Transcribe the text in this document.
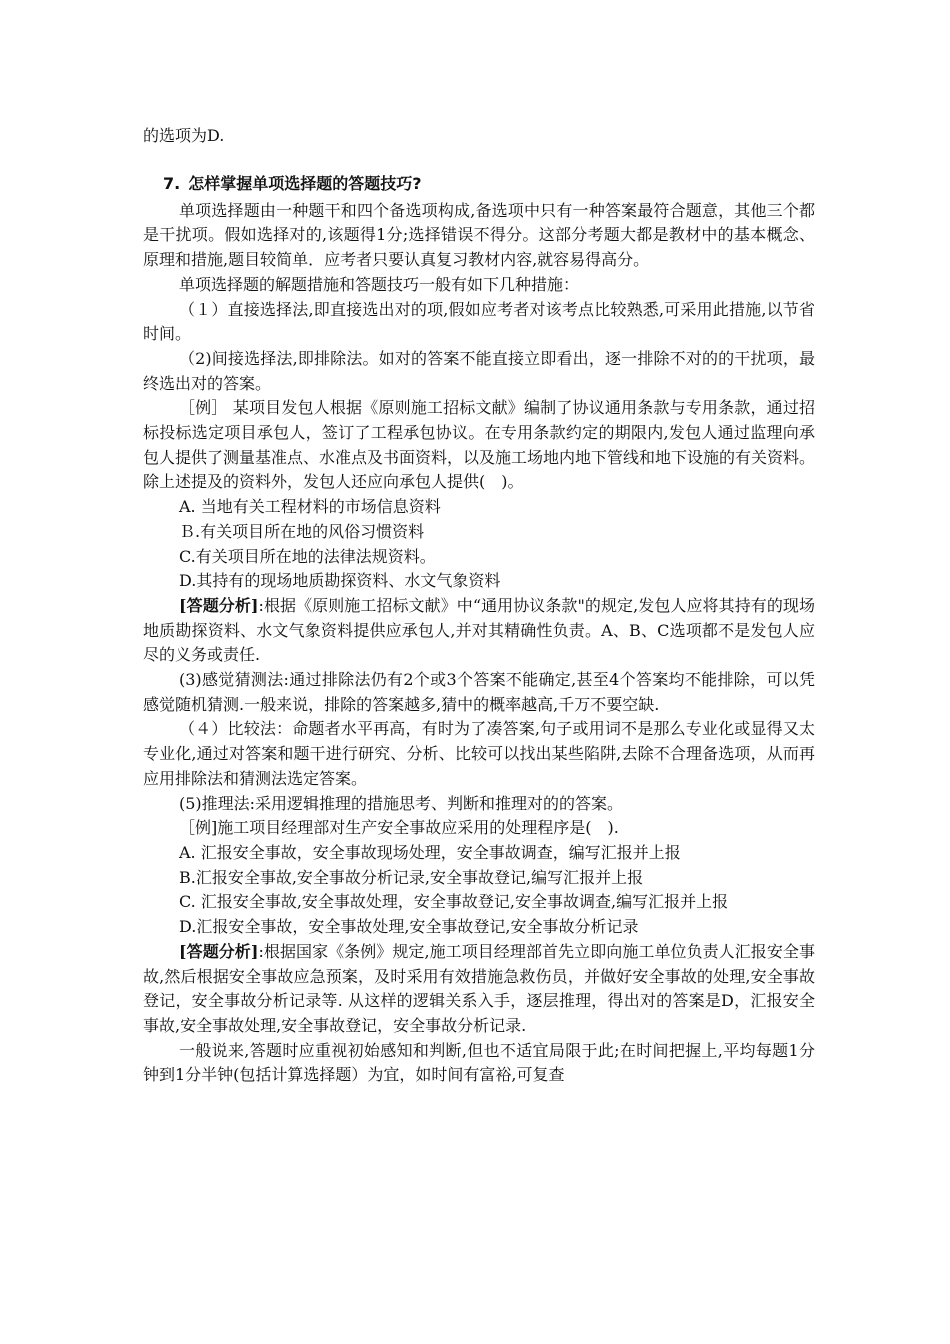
的选项为D.

7. 怎样掌握单项选择题的答题技巧?

单项选择题由一种题干和四个备选项构成,备选项中只有一种答案最符合题意，其他三个都是干扰项。假如选择对的,该题得1分;选择错误不得分。这部分考题大都是教材中的基本概念、原理和措施,题目较简单．应考者只要认真复习教材内容,就容易得高分。

单项选择题的解题措施和答题技巧一般有如下几种措施：

（１）直接选择法,即直接选出对的项,假如应考者对该考点比较熟悉,可采用此措施,以节省时间。

（2)间接选择法,即排除法。如对的答案不能直接立即看出，逐一排除不对的的干扰项，最终选出对的答案。

［例］ 某项目发包人根据《原则施工招标文献》编制了协议通用条款与专用条款，通过招标投标选定项目承包人，签订了工程承包协议。在专用条款约定的期限内,发包人通过监理向承包人提供了测量基准点、水准点及书面资料，以及施工场地内地下管线和地下设施的有关资料。除上述提及的资料外，发包人还应向承包人提供(　)。

A. 当地有关工程材料的市场信息资料

Ｂ.有关项目所在地的风俗习惯资料

C.有关项目所在地的法律法规资料。

D.其持有的现场地质勘探资料、水文气象资料

[答题分析]:根据《原则施工招标文献》中“通用协议条款"的规定,发包人应将其持有的现场地质勘探资料、水文气象资料提供应承包人,并对其精确性负责。A、B、C选项都不是发包人应尽的义务或责任.

(3)感觉猜测法:通过排除法仍有2个或3个答案不能确定,甚至4个答案均不能排除，可以凭感觉随机猜测.一般来说，排除的答案越多,猜中的概率越高,千万不要空缺.

（４）比较法：命题者水平再高，有时为了凑答案,句子或用词不是那么专业化或显得又太专业化,通过对答案和题干进行研究、分析、比较可以找出某些陷阱,去除不合理备选项，从而再应用排除法和猜测法选定答案。

(5)推理法:采用逻辑推理的措施思考、判断和推理对的的答案。

［例]施工项目经理部对生产安全事故应采用的处理程序是(　).

A. 汇报安全事故，安全事故现场处理，安全事故调查，编写汇报并上报

B.汇报安全事故,安全事故分析记录,安全事故登记,编写汇报并上报

C. 汇报安全事故,安全事故处理，安全事故登记,安全事故调查,编写汇报并上报

D.汇报安全事故，安全事故处理,安全事故登记,安全事故分析记录

[答题分析]:根据国家《条例》规定,施工项目经理部首先立即向施工单位负责人汇报安全事故,然后根据安全事故应急预案，及时采用有效措施急救伤员，并做好安全事故的处理,安全事故登记，安全事故分析记录等. 从这样的逻辑关系入手，逐层推理，得出对的答案是D，汇报安全事故,安全事故处理,安全事故登记，安全事故分析记录.

一般说来,答题时应重视初始感知和判断,但也不适宜局限于此;在时间把握上,平均每题1分钟到1分半钟(包括计算选择题）为宜，如时间有富裕,可复查
